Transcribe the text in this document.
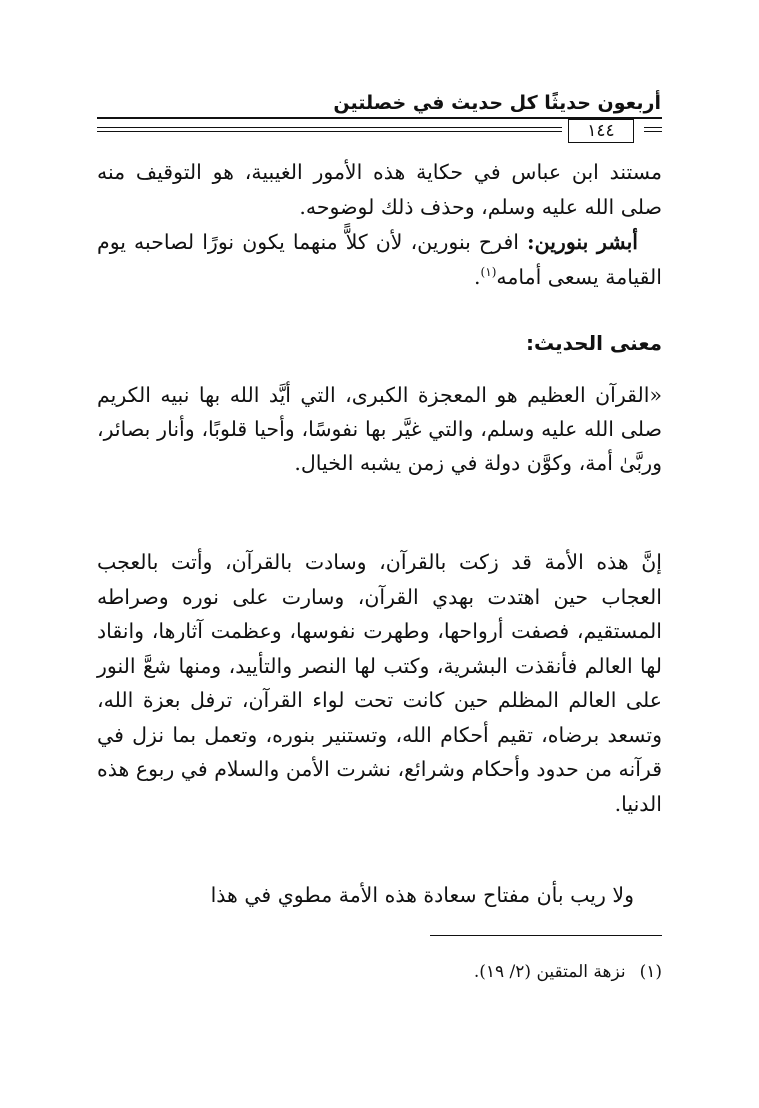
أربعون حديثًا كل حديث في خصلتين
١٤٤

مستند ابن عباس في حكاية هذه الأمور الغيبية، هو التوقيف منه صلى الله عليه وسلم، وحذف ذلك لوضوحه.

أبشر بنورين: افرح بنورين، لأن كلاًّ منهما يكون نورًا لصاحبه يوم القيامة يسعى أمامه$^{(١)}$.

معنى الحديث:

«القرآن العظيم هو المعجزة الكبرى، التي أيَّد الله بها نبيه الكريم صلى الله عليه وسلم، والتي غيَّر بها نفوسًا، وأحيا قلوبًا، وأنار بصائر، وربَّىٰ أمة، وكوَّن دولة في زمن يشبه الخيال.

إنَّ هذه الأمة قد زكت بالقرآن، وسادت بالقرآن، وأتت بالعجب العجاب حين اهتدت بهدي القرآن، وسارت على نوره وصراطه المستقيم، فصفت أرواحها، وطهرت نفوسها، وعظمت آثارها، وانقاد لها العالم فأنقذت البشرية، وكتب لها النصر والتأييد، ومنها شعَّ النور على العالم المظلم حين كانت تحت لواء القرآن، ترفل بعزة الله، وتسعد برضاه، تقيم أحكام الله، وتستنير بنوره، وتعمل بما نزل في قرآنه من حدود وأحكام وشرائع، نشرت الأمن والسلام في ربوع هذه الدنيا.

ولا ريب بأن مفتاح سعادة هذه الأمة مطوي في هذا

(١)نزهة المتقين (٢/ ١٩).
